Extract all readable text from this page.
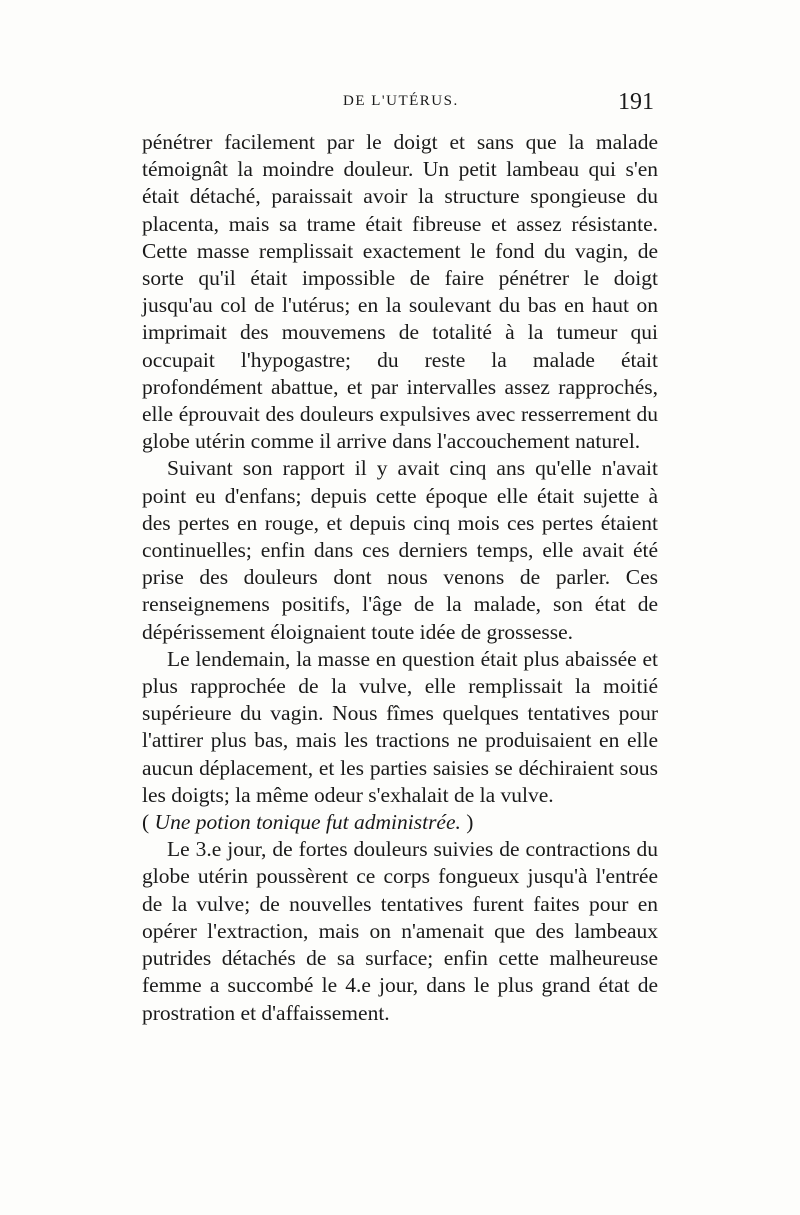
DE L'UTÉRUS.	191

pénétrer facilement par le doigt et sans que la malade témoignât la moindre douleur. Un petit lambeau qui s'en était détaché, paraissait avoir la structure spongieuse du placenta, mais sa trame était fibreuse et assez résistante. Cette masse remplissait exactement le fond du vagin, de sorte qu'il était impossible de faire pénétrer le doigt jusqu'au col de l'utérus; en la soulevant du bas en haut on imprimait des mouvemens de totalité à la tumeur qui occupait l'hypogastre; du reste la malade était profondément abattue, et par intervalles assez rapprochés, elle éprouvait des douleurs expulsives avec resserrement du globe utérin comme il arrive dans l'accouchement naturel.

Suivant son rapport il y avait cinq ans qu'elle n'avait point eu d'enfans; depuis cette époque elle était sujette à des pertes en rouge, et depuis cinq mois ces pertes étaient continuelles; enfin dans ces derniers temps, elle avait été prise des douleurs dont nous venons de parler. Ces renseignemens positifs, l'âge de la malade, son état de dépérissement éloignaient toute idée de grossesse.

Le lendemain, la masse en question était plus abaissée et plus rapprochée de la vulve, elle remplissait la moitié supérieure du vagin. Nous fîmes quelques tentatives pour l'attirer plus bas, mais les tractions ne produisaient en elle aucun déplacement, et les parties saisies se déchiraient sous les doigts; la même odeur s'exhalait de la vulve.

( Une potion tonique fut administrée. )

Le 3.e jour, de fortes douleurs suivies de contractions du globe utérin poussèrent ce corps fongueux jusqu'à l'entrée de la vulve; de nouvelles tentatives furent faites pour en opérer l'extraction, mais on n'amenait que des lambeaux putrides détachés de sa surface; enfin cette malheureuse femme a succombé le 4.e jour, dans le plus grand état de prostration et d'affaissement.
